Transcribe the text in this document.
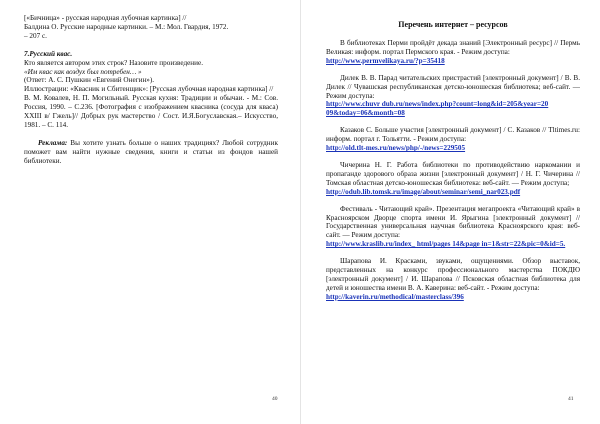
[«Бичница» - русская народная лубочная картинка] //

Балдина О. Русские народные картинки. – М.: Мол. Гвардия, 1972.

– 207 с.

7.Русский квас.

Кто является автором этих строк? Назовите произведение.

«Им квас как воздух был потребен… »

(Ответ: А. С. Пушкин «Евгений Онегин»).

Иллюстрации: «Квасник и Сбитенщик»: [Русская лубочная народная картинка] //

В. М. Ковалев, Н. П. Могильный. Русская кухня: Традиции и обычаи. - М.: Сов. Россия, 1990. – С.236. [Фотография с изображением квасника (сосуда для кваса) XXIII в/ Гжель]// Добрых рук мастерство / Сост. И.Я.Богуславская.– Искусство, 1981. – С. 114.

Реклама: Вы хотите узнать больше о наших традициях? Любой сотрудник поможет вам найти нужные сведения, книги и статьи из фондов нашей библиотеки.

40
Перечень интернет – ресурсов

В библиотеках Перми пройдёт декада знаний [Электронный ресурс] // Пермь Великая: информ. портал Пермского края. - Режим доступа:

http://www.permvelikaya.ru/?p=35418

Дилек В. В. Парад читательских пристрастий [электронный документ] / В. В. Дилек // Чувашская республиканская детско-юношеская библиотека; веб-сайт. — Режим доступа:

http://www.chuvr dub.ru/news/index.php?count=long&id=205&year=20 09&today=06&month=08

Казаков С. Больше участия [электронный документ] / С. Казаков // Tltimes.ru: информ. портал г. Тольятти. - Режим доступа:

http://old.tlt-mes.ru/news/php/-/news=229505

Чичерина Н. Г. Работа библиотеки по противодействию наркомании и пропаганде здорового образа жизни [электронный документ] / Н. Г. Чичерина // Томская областная детско-юношеская библиотека: веб-сайт. — Режим доступа;

http://odub.lib.tomsk.ru/image/about/seminar/semi_nar023.pdf

Фестиваль - Читающий край». Презентация мегапроекта «Читающий край» в Красноярском Дворце спорта имени И. Ярыгина [электронный документ] // Государственная универсальная научная библиотека Красноярского края: веб-сайт. — Режим доступа:

http://www.kraslib.ru/index_ html/pages 14&page in=1&str=22&pic=0&id=5.

Шарапова И. Красками, звуками, ощущениями. Обзор выставок, представленных на конкурс профессионального мастерства ПОКДЮ [электронный документ] / И. Шарапова // Псковская областная библиотека для детей и юношества имени В. А. Каверина: веб-сайт. - Режим доступа:

http://kaverin.ru/methodical/masterclass/396

41
